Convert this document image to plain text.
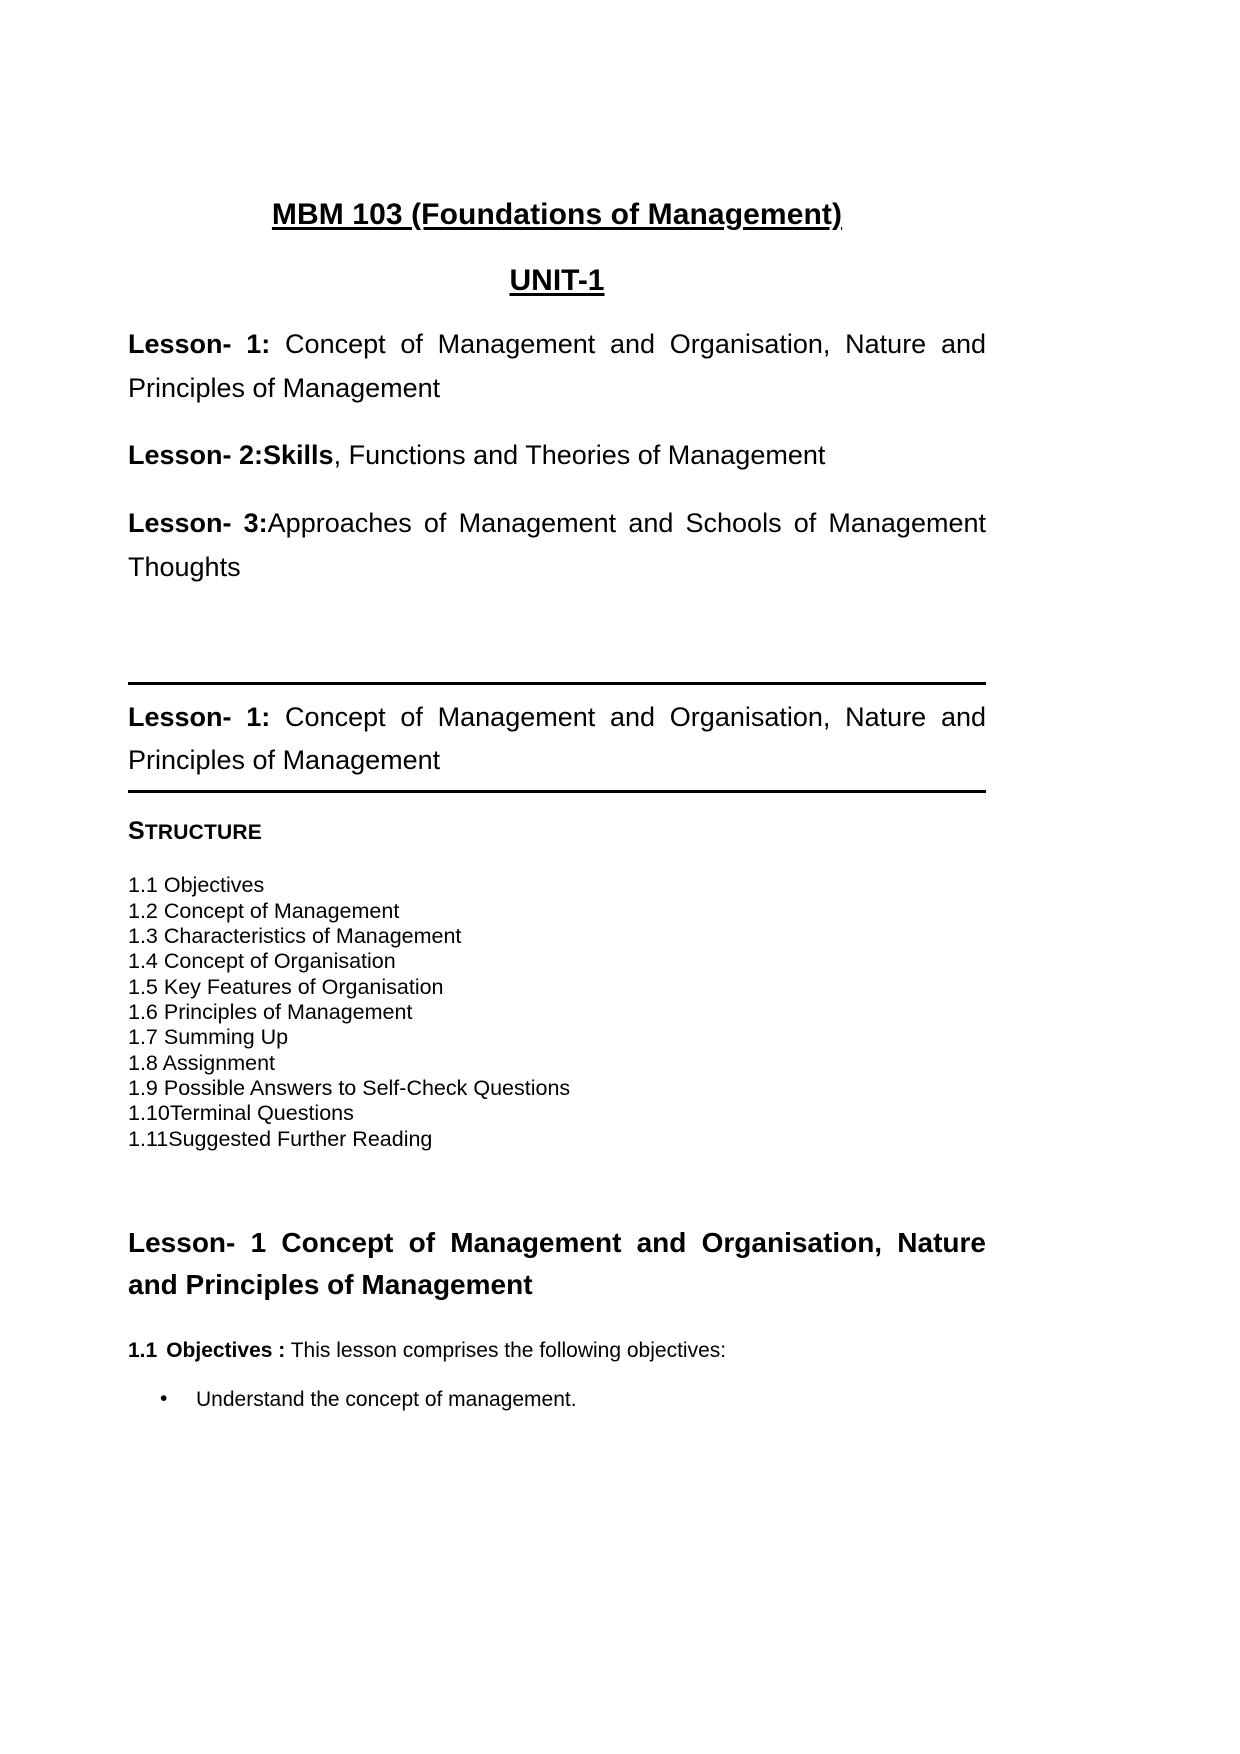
MBM 103 (Foundations of Management)
UNIT-1

Lesson- 1: Concept of Management and Organisation, Nature and Principles of Management

Lesson- 2:Skills, Functions and Theories of Management

Lesson- 3:Approaches of Management and Schools of Management Thoughts

Lesson- 1: Concept of Management and Organisation, Nature and Principles of Management

STRUCTURE

1.1 Objectives
1.2 Concept of Management
1.3 Characteristics of Management
1.4 Concept of Organisation
1.5 Key Features of Organisation
1.6 Principles of Management
1.7 Summing Up
1.8 Assignment
1.9 Possible Answers to Self-Check Questions
1.10Terminal Questions
1.11Suggested Further Reading
Lesson- 1 Concept of Management and Organisation, Nature and Principles of Management

1.1 Objectives : This lesson comprises the following objectives:

• Understand the concept of management.
